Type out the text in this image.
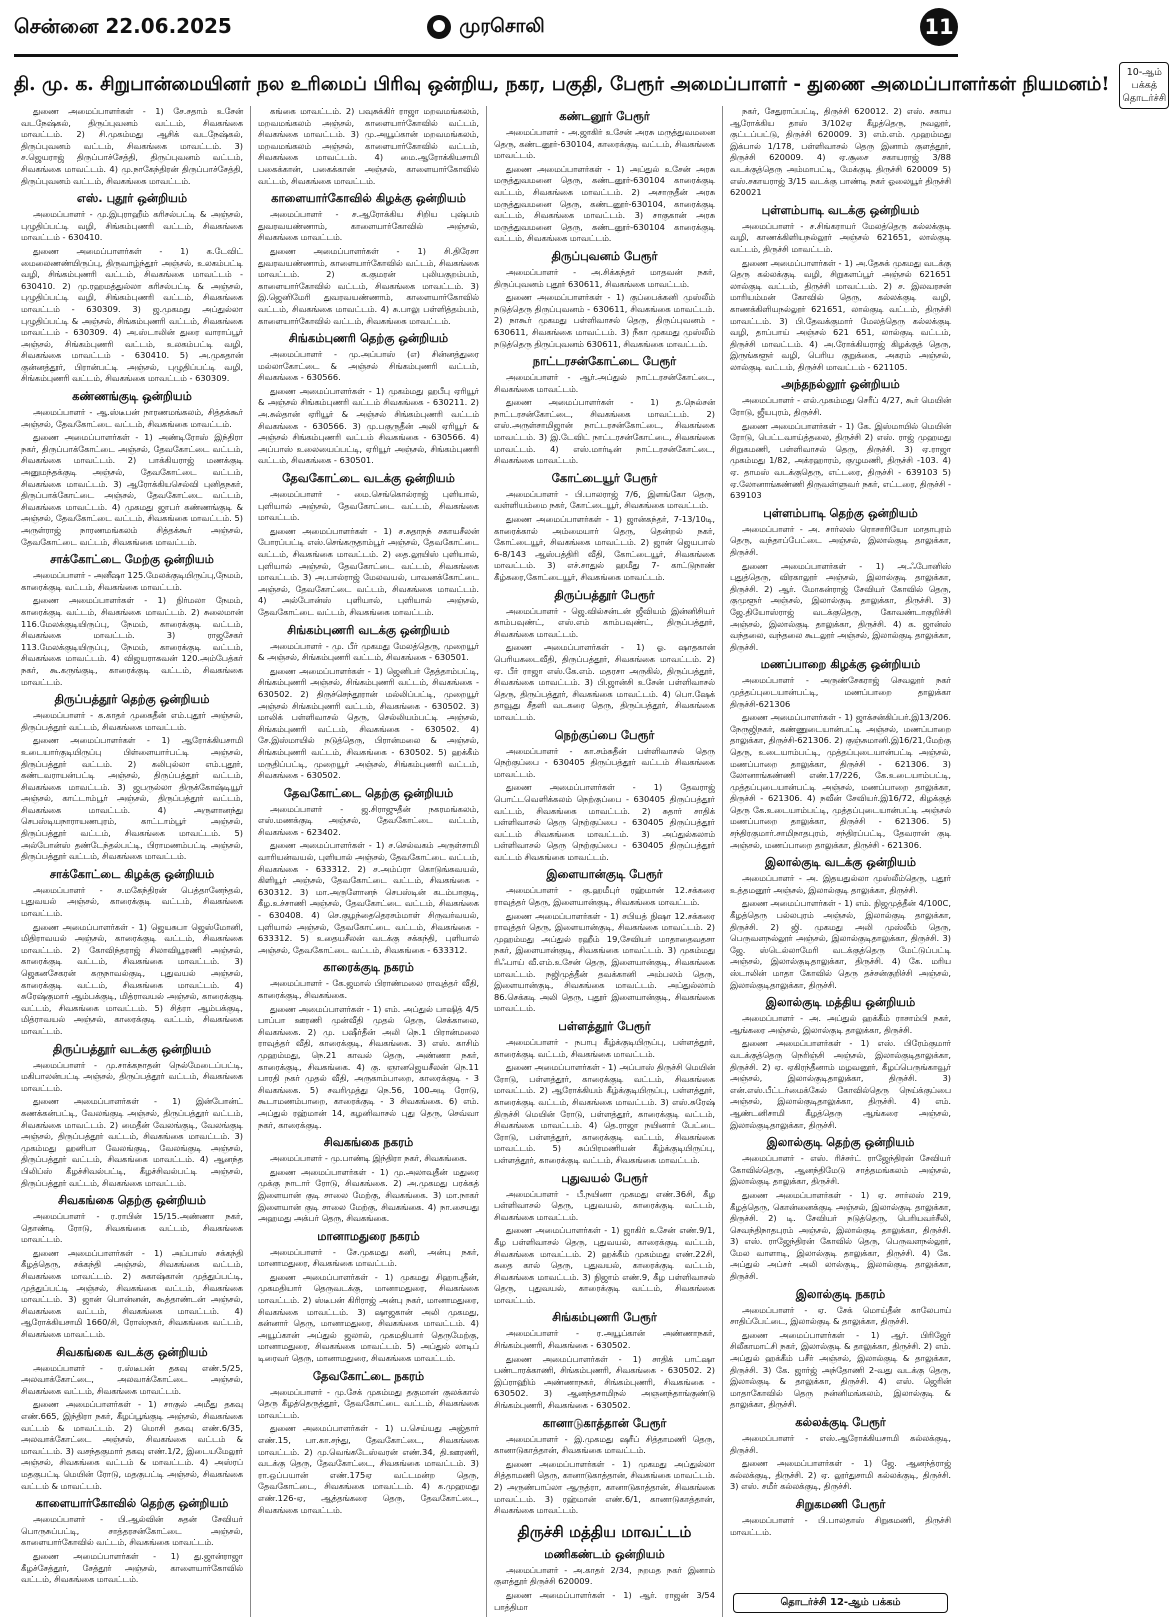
சென்னை 22.06.2025	முரசொலி	11
தி. மு. க. சிறுபான்மையினர் நல உரிமைப் பிரிவு ஒன்றிய, நகர, பகுதி, பேரூர் அமைப்பாளர் - துணை அமைப்பாளர்கள் நியமனம்!
10-ஆம் பக்கத் தொடர்ச்சி

துணை அமைப்பாளர்கள் - 1) சே.சதாம் உசேன் வடநேஷ்கல், திருப்புவனம் வட்டம், சிவகங்கை மாவட்டம். 2) சி.முகம்மது ஆசிக் வடநேஷ்கல், திருப்புவனம் வட்டம், சிவகங்கை மாவட்டம். 3) ச.ஜெயராஜ் திருப்பாச்சேத்தி, திருப்புவனம் வட்டம், சிவகங்கை மாவட்டம். 4) மு.நாகேந்திரன் திருப்பாச்சேத்தி, திருப்புவனம் வட்டம், சிவகங்கை மாவட்டம்.

எஸ். புதூர் ஒன்றியம்

அமைப்பாளர் - மு.இபுராஹீம் கரிசல்பட்டி & அஞ்சல், புழுதிப்பட்டி வழி, சிங்கம்புணரி வட்டம், சிவகங்கை மாவட்டம் - 630410.

துணை அமைப்பாளர்கள் - 1) க.டேவிட் மைலைணண்யிருப்பு, திருவாழ்ந்தூர் அஞ்சல், உலகம்பட்டி வழி, சிங்கம்புணரி வட்டம், சிவகங்கை மாவட்டம் - 630410. 2) மு.ரஹமத்துல்லா கரிசல்பட்டி & அஞ்சல், புழுதிப்பட்டி வழி, சிங்கம்புணரி வட்டம், சிவகங்கை மாவட்டம் - 630309. 3) ஜ.முகமது அப்துல்லா புழுதிப்பட்டி & அஞ்சல், சிங்கம்புணரி வட்டம், சிவகங்கை மாவட்டம் - 630309. 4) அ.ஸ்டாலின் துரை வாராப்பூர் அஞ்சல், சிங்கம்புணரி வட்டம், உலகம்பட்டி வழி, சிவகங்கை மாவட்டம் - 630410. 5) அ.முகதான் குன்னத்தூர், பிரான்பட்டி அஞ்சல், புழுதிப்பட்டி வழி, சிங்கம்புணரி வட்டம், சிவகங்கை மாவட்டம் - 630309.

கண்ணங்குடி ஒன்றியம்

அமைப்பாளர் - ஆ.ஸ்டீபன் நாரணமங்கலம், சித்தக்கூர் அஞ்சல், தேவகோட்டை வட்டம், சிவகங்கை மாவட்டம்.

துணை அமைப்பாளர்கள் - 1) அண்டிரோஸ் இந்திரா நகர், திருப்பாக்கோட்டை அஞ்சல், தேவகோட்டை வட்டம், சிவகங்கை மாவட்டம். 2) பாக்கியராஜ் மணக்குடி அனுமந்தக்குடி அஞ்சல், தேவகோட்டை வட்டம், சிவகங்கை மாவட்டம். 3) ஆரோக்கியசெல்வி புனிதநகர், திருப்பாக்கோட்டை அஞ்சல், தேவகோட்டை வட்டம், சிவகங்கை மாவட்டம். 4) முகமது ஜாபர் கண்ணங்குடி & அஞ்சல், தேவகோட்டை வட்டம், சிவகங்கை மாவட்டம். 5) அருள்ராஜ் நாரணமங்கலம் சித்தக்கூர் அஞ்சல், தேவகோட்டை வட்டம், சிவகங்கை மாவட்டம்.

சாக்கோட்டை மேற்கு ஒன்றியம்

அமைப்பாளர் - அனீஷா 125.மேலக்குடியிருப்பு,நேமம், காரைக்குடி வட்டம், சிவகங்கை மாவட்டம்.

துணை அமைப்பாளர்கள் - 1) நிர்மலா நேமம், காரைக்குடி வட்டம், சிவகங்கை மாவட்டம். 2) சுலைமான் 116.மேலக்குடியிருப்பு, நேமம், காரைக்குடி வட்டம், சிவகங்கை மாவட்டம். 3) ராஜசேகர் 113.மேலக்குடியிருப்பு, நேமம், காரைக்குடி வட்டம், சிவகங்கை மாவட்டம். 4) விஜயராகவன் 120.அம்பேத்கர் நகர், கூ.கருங்குடி, காரைக்குடி வட்டம், சிவகங்கை மாவட்டம்.

திருப்பத்தூர் தெற்கு ஒன்றியம்

அமைப்பாளர் - க.காதர் முகைதீன் எம்.புதூர் அஞ்சல், திருப்பத்தூர் வட்டம், சிவகங்கை மாவட்டம்.

துணை அமைப்பாளர்கள் - 1) ஆரோக்கியசாமி உடையார்குடியிருப்பு பிள்ளையார்பட்டி அஞ்சல், திருப்பத்தூர் வட்டம். 2) கலிபுல்லா எம்.புதூர், கண்டவராயன்பட்டி அஞ்சல், திருப்பத்தூர் வட்டம், சிவகங்கை மாவட்டம். 3) ஜபருல்லா திருக்கோஷ்டியூர் அஞ்சல், காட்டாம்பூர் அஞ்சல், திருப்பத்தூர் வட்டம், சிவகங்கை மாவட்டம். 4) அருளானந்து செபஸ்டியநாராயணபுரம், காட்டாம்பூர் அஞ்சல், திருப்பத்தூர் வட்டம், சிவகங்கை மாவட்டம். 5) அல்போன்ஸ் தண்டேந்தல்பட்டி, பிராமணம்பட்டி அஞ்சல், திருப்பத்தூர் வட்டம், சிவகங்கை மாவட்டம்.

சாக்கோட்டை கிழக்கு ஒன்றியம்

அமைப்பாளர் - ச.மகேந்திரன் பெத்தானேந்தல், புதுவயல் அஞ்சல், காரைக்குடி வட்டம், சிவகங்கை மாவட்டம்.

துணை அமைப்பாளர்கள் - 1) ஜெயசுபா ஜெஸ்மோனி, மிதிராவயல் அஞ்சல், காரைக்குடி வட்டம், சிவகங்கை மாவட்டம். 2) கோவிந்தராஜ் சிலாவியூரணி அஞ்சல், காரைக்குடி வட்டம், சிவகங்கை மாவட்டம். 3) ஜெகனசேகரன் கருநாவல்குடி, புதுவயல் அஞ்சல், காரைக்குடி வட்டம், சிவகங்கை மாவட்டம். 4) சுரேஷ்குமார் ஆம்பக்குடி, மித்ராவயல் அஞ்சல், காரைக்குடி வட்டம், சிவகங்கை மாவட்டம். 5) சித்ரா ஆம்பக்குடி, மித்ராவயல் அஞ்சல், காரைக்குடி வட்டம், சிவகங்கை மாவட்டம்.

திருப்பத்தூர் வடக்கு ஒன்றியம்

அமைப்பாளர் - மு.சாக்கநாதன் நெல்மேடைப்பட்டி, மகிபாலன்பட்டி அஞ்சல், திருப்பத்தூர் வட்டம், சிவகங்கை மாவட்டம்.

துணை அமைப்பாளர்கள் - 1) இன்போன்ட் கணக்கன்பட்டி, வேலங்குடி அஞ்சல், திருப்பத்தூர் வட்டம், சிவகங்கை மாவட்டம். 2) மைதீன் வேலங்குடி, வேலங்குடி அஞ்சல், திருப்பத்தூர் வட்டம், சிவகங்கை மாவட்டம். 3) முகம்மது ஹனிபா வேலங்குடி, வேலங்குடி அஞ்சல், திருப்பத்தூர் வட்டம், சிவகங்கை மாவட்டம். 4) ஆனந்த பிலிப்ஸ் கீழச்சிவல்பட்டி, கீழச்சிவல்பட்டி அஞ்சல், திருப்பத்தூர் வட்டம், சிவகங்கை மாவட்டம்.

சிவகங்கை தெற்கு ஒன்றியம்

அமைப்பாளர் - ர.ராபின் 15/15.அண்ணா நகர், தொண்டி ரோடு, சிவகங்கை வட்டம், சிவகங்கை மாவட்டம்.

துணை அமைப்பாளர்கள் - 1) அப்பாஸ் சக்கந்தி கீழத்தெரு, சக்கந்தி அஞ்சல், சிவகங்கை வட்டம், சிவகங்கை மாவட்டம். 2) சுகாஷ்கான் முத்துப்பட்டி, முத்துப்பட்டி அஞ்சல், சிவகங்கை வட்டம், சிவகங்கை மாவட்டம். 3) ஜான் பொன்னன், கூத்தாண்டன் அஞ்சல், சிவகங்கை வட்டம், சிவகங்கை மாவட்டம். 4) ஆரோக்கியசாமி 1660/சி, ரோஸ்நகர், சிவகங்கை வட்டம், சிவகங்கை மாவட்டம்.

சிவகங்கை வடக்கு ஒன்றியம்

அமைப்பாளர் - ர.ஸ்டீபன் தகவு எண்.5/25, அலவாக்கோட்டை, அலவாக்கோட்டை அஞ்சல், சிவகங்கை வட்டம், சிவகங்கை மாவட்டம்.

துணை அமைப்பாளர்கள் - 1) சாகுல் அமீது தகவு எண்.665, இந்திரா நகர், கீழப்பூங்குடி அஞ்சல், சிவகங்கை வட்டம் & மாவட்டம். 2) மொசி தகவு எண்.6/35, அலவாக்கோட்டை அஞ்சல், சிவகங்கை வட்டம் & மாவட்டம். 3) வசந்தகுமார் தகவு எண்.1/2, இடையமேலூர் அஞ்சல், சிவகங்கை வட்டம் & மாவட்டம். 4) அஸ்ரப் மதகுபட்டி மெயின் ரோடு, மதகுபட்டி அஞ்சல், சிவகங்கை வட்டம் & மாவட்டம்.

காளையார்கோவில் தெற்கு ஒன்றியம்

அமைப்பாளர் - பி.ஆல்வின் சுதன் சேவியர் பொருசுப்பட்டி, சாத்தரசன்கோட்டை அஞ்சல், காளையார்கோவில் வட்டம், சிவகங்கை மாவட்டம்.

துணை அமைப்பாளர்கள் - 1) து.ஜான்ராஜா கீழச்சேத்தூர், சேத்தூர் அஞ்சல், காளையார்கோவில் வட்டம், சிவகங்கை மாவட்டம்.

கங்கை மாவட்டம். 2) பவுசுக்கிர் ராஜா மறவமங்கலம், மறவமங்கலம் அஞ்சல், காளையார்கோவில் வட்டம், சிவகங்கை மாவட்டம். 3) மு.அயூப்கான் மறவமங்கலம், மறவமங்கலம் அஞ்சல், காளையார்கோவில் வட்டம், சிவகங்கை மாவட்டம். 4) மை.ஆரோக்கியசாமி பகைக்கான், பகைக்கான் அஞ்சல், காளையார்கோவில் வட்டம், சிவகங்கை மாவட்டம்.

காளையார்கோவில் கிழக்கு ஒன்றியம்

அமைப்பாளர் - ச.ஆரோக்கிய சிறிய புஷ்பம் துவரவயண்ணாம், காளையார்கோவில் அஞ்சல், சிவகங்கை மாவட்டம்.

துணை அமைப்பாளர்கள் - 1) சி.திரேசா துவரவயண்ணாம், காளையார்கோவில் வட்டம், சிவகங்கை மாவட்டம். 2) க.குமரன் புலியகுறம்பம், காளையார்கோவில் வட்டம், சிவகங்கை மாவட்டம். 3) இ.ஜெனிமேரி துவரவயண்ணாம், காளையார்கோவில் வட்டம், சிவகங்கை மாவட்டம். 4) சு.பாலு பள்ளித்தம்பம், காளையார்கோவில் வட்டம், சிவகங்கை மாவட்டம்.

சிங்கம்புணரி தெற்கு ஒன்றியம்

அமைப்பாளர் - மு.அப்பாஸ் (எ) சின்னத்துரை மல்லாகோட்டை & அஞ்சல் சிங்கம்புணரி வட்டம், சிவகங்கை - 630566.

துணை அமைப்பாளர்கள் - 1) முகம்மது ஹபீபு ஏரியூர் & அஞ்சல் சிங்கம்புணரி வட்டம் சிவகங்கை - 630211. 2) அ.சுல்தான் ஏரியூர் & அஞ்சல் சிங்கம்புணரி வட்டம் சிவகங்கை - 630566. 3) மு.பகுருதீன் அலி ஏரியூர் & அஞ்சல் சிங்கம்புணரி வட்டம் சிவகங்கை - 630566. 4) அப்பாஸ் உலையைப்பட்டி, ஏரியூர் அஞ்சல், சிங்கம்புணரி வட்டம், சிவகங்கை - 630501.

தேவகோட்டை வடக்கு ஒன்றியம்

அமைப்பாளர் - மை.செங்கொல்ராஜ் புளியால், புளியால் அஞ்சல், தேவகோட்டை வட்டம், சிவகங்கை மாவட்டம்.

துணை அமைப்பாளர்கள் - 1) ச.சுதாநந் சகாயசீலன் போரப்பட்டி எஸ்.செங்கருதாம்பூர் அஞ்சல், தேவகோட்டை வட்டம், சிவகங்கை மாவட்டம். 2) தை.லூயிஸ் புளியால், புளியால் அஞ்சல், தேவகோட்டை வட்டம், சிவகங்கை மாவட்டம். 3) அ.பால்ராஜ் மேலவயல், பாவனக்கோட்டை அஞ்சல், தேவகோட்டை வட்டம், சிவகங்கை மாவட்டம். 4) அல்போன்ஸ் புளியால், புளியால் அஞ்சல், தேவகோட்டை வட்டம், சிவகங்கை மாவட்டம்.

சிங்கம்புணரி வடக்கு ஒன்றியம்

அமைப்பாளர் - மு. பீர் முகமது மேலத்தெரு, முறையூர் & அஞ்சல், சிங்கம்புணரி வட்டம், சிவகங்கை - 630501.

துணை அமைப்பாளர்கள் - 1) ஜெனிபர் தேத்தாம்பட்டி, சிங்கம்புணரி அஞ்சல், சிங்கம்புணரி வட்டம், சிவகங்கை - 630502. 2) திருச்செந்தூரான் மல்லிப்பட்டி, முறையூர் அஞ்சல் சிங்கம்புணரி வட்டம், சிவகங்கை - 630502. 3) மாலிக் பள்ளிவாசல் தெரு, செல்லியம்பட்டி அஞ்சல், சிங்கம்புணரி வட்டம், சிவகங்கை - 630502. 4) சே.இஸ்மாயில் நடுத்தெரு, பிரான்மலை & அஞ்சல், சிங்கம்புணரி வட்டம், சிவகங்கை - 630502. 5) ஹக்கீம் மருதிப்பட்டி, முறையூர் அஞ்சல், சிங்கம்புணரி வட்டம், சிவகங்கை - 630502.

தேவகோட்டை தெற்கு ஒன்றியம்

அமைப்பாளர் - ஜ.சிராஜுதீன் நகரமங்கலம், எஸ்.மணக்குடி அஞ்சல், தேவகோட்டை வட்டம், சிவகங்கை - 623402.

துணை அமைப்பாளர்கள் - 1) ச.செல்வகம் அருள்சாமி வாரியன்வயல், புளியால் அஞ்சல், தேவகோட்டை வட்டம், சிவகங்கை - 633312. 2) ச.அம்ப்ரா கொடுங்கவயல், கிளியூர் அஞ்சல், தேவகோட்டை வட்டம், சிவகங்கை - 630312. 3) மா.அருளோனந் செபஸ்டின் கடம்பாகுடி, கீழ.உச்சாணி அஞ்சல், தேவகோட்டை வட்டம், சிவகங்கை - 630408. 4) செ.குழந்தைதெரசம்மாள் சிருவர்வயல், புளியால் அஞ்சல், தேவகோட்டை வட்டம், சிவகங்கை - 633312. 5) உதையசீலன் வடக்கு சக்கந்தி, புளியால் அஞ்சல், தேவகோட்டை வட்டம், சிவகங்கை - 633312.

காரைக்குடி நகரம்

அமைப்பாளர் - கே.ஜமால் பிராண்மலை ராவுத்தர் வீதி, காரைக்குடி, சிவகங்கை.

துணை அமைப்பாளர்கள் - 1) எம். அப்துல் பாஷித் 4/5 பாப்பா ஊரணி முன்வீதி முதல் தெரு, செக்காலை, சிவகங்கை. 2) மு. பஷீர்தீன் அலி நெ.1 பிரான்மலை ராவுத்தர் வீதி, காரைக்குடி, சிவகங்கை. 3) எஸ். காசிம் முஹம்மது, நெ.21 காவல் தெரு, அண்ணா நகர், காரைக்குடி, சிவகங்கை. 4) கு. ஞானஜெயசீலன் நெ.11 பாரதி நகர் முதல் வீதி, அருகாம்பாறை, காரைக்குடி - 3 சிவகங்கை. 5) சவரிமுத்து நெ.56, 100அடி ரோடு, கூடாமணம்பாறை, காரைக்குடி - 3 சிவகங்கை. 6) எம். அப்துல் ரஹ்மான் 14, கழனிவாசல் புது தெரு, செவ்வா நகர், காரைக்குடி.

சிவகங்கை நகரம்

அமைப்பாளர் - மு.பாண்டி இந்திரா நகர், சிவகங்கை.

துணை அமைப்பாளர்கள் - 1) மு.அலாவுதீன் மதுரை முக்கு நாடார் ரோடு, சிவகங்கை. 2) அ.முகமது பரக்கத் இளையான் குடி சாலை மேற்கு, சிவகங்கை. 3) மா.நாகர் இளையான் குடி சாலை மேற்கு, சிவகங்கை. 4) நா.சையது அஹமது அக்பர் தெரு, சிவகங்கை.

மானாமதுரை நகரம்

அமைப்பாளர் - சே.முகமது கனி, அன்பு நகர், மானாமதுரை, சிவகங்கை மாவட்டம்.

துணை அமைப்பாளர்கள் - 1) முகமது சிஹாபுதீன், முகமதியார் தெருவடக்கு, மானாமதுரை, சிவகங்கை மாவட்டம். 2) ஸ்டீபன் கிரிராஜ் அன்பு நகர், மானாமதுரை, சிவகங்கை மாவட்டம். 3) ஷாஜகான் அலி முகமது, கன்னார் தெரு, மானாமதுரை, சிவகங்கை மாவட்டம். 4) அயூப்கான் அப்துல் ஜலால், முகமதியார் தெருமேற்கு, மானாமதுரை, சிவகங்கை மாவட்டம். 5) அப்துல் லாடிப் டிரைவர் தெரு, மானாமதுரை, சிவகங்கை மாவட்டம்.

தேவகோட்டை நகரம்

அமைப்பாளர் - மு.சேக் முகம்மது தகுமான் குலக்கால் தெரு கீழத்தெருத்தூர், தேவகோட்டை வட்டம், சிவகங்கை மாவட்டம்.

துணை அமைப்பாளர்கள் - 1) ப.செய்யது அஜ்தார் எண்.15, பா.கா.சந்து, தேவகோட்டை, சிவகங்கை மாவட்டம். 2) மு.வெங்கடேஸ்வரன் எண்.34, தி.ஊரணி, வடக்கு தெரு, தேவகோட்டை, சிவகங்கை மாவட்டம். 3) ரா.ஒப்பயான் எண்.175ஏ வட்டமன்ற தெரு, தேவகோட்டை, சிவகங்கை மாவட்டம். 4) க.முஹமது எண்.126-ஏ, ஆத்தங்கரை தெரு, தேவகோட்டை, சிவகங்கை மாவட்டம்.

கண்டனூர் பேரூர்

அமைப்பாளர் - அ.ஜாகிர் உசேன் அரசு மருத்துவமனை தெரு, கண்டனூர்-630104, காரைக்குடி வட்டம், சிவகங்கை மாவட்டம்.

துணை அமைப்பாளர்கள் - 1) அப்துல் உசேன் அரசு மருத்துவமனை தெரு, கண்டனூர்-630104 காரைக்குடி வட்டம், சிவகங்கை மாவட்டம். 2) அசாருதீன் அரசு மருத்துவமனை தெரு, கண்டனூர்-630104, காரைக்குடி வட்டம், சிவகங்கை மாவட்டம். 3) சாகுகான் அரசு மருத்துவமனை தெரு, கண்டனூர்-630104 காரைக்குடி வட்டம், சிவகங்கை மாவட்டம்.

திருப்புவனம் பேரூர்

அமைப்பாளர் - அ.சிக்கந்தர் மாதவன் நகர், திருப்புவனம் புதூர் 630611, சிவகங்கை மாவட்டம்.

துணை அமைப்பாளர்கள் - 1) குப்பைக்கனி முஸ்லீம் நடுத்தெரு திருப்புவனம் - 630611, சிவகங்கை மாவட்டம். 2) நாகூர் முகமது பள்ளிவாசல் தெரு, திருப்புவனம் - 630611, சிவகங்கை மாவட்டம். 3) நீகா முகமது முஸ்லீம் நடுத்தெரு திருப்புவனம் 630611, சிவகங்கை மாவட்டம்.

நாட்டரசன்கோட்டை பேரூர்

அமைப்பாளர் - ஆர்.அப்துல் நாட்டரசன்கோட்டை, சிவகங்கை மாவட்டம்.

துணை அமைப்பாளர்கள் - 1) த.நெல்சன் நாட்டரசன்கோட்டை, சிவகங்கை மாவட்டம். 2) எஸ்.அருள்சாமிஜான் நாட்டரசன்கோட்டை, சிவகங்கை மாவட்டம். 3) இ.டேவிட் நாட்டரசன்கோட்டை, சிவகங்கை மாவட்டம். 4) எஸ்.மார்டின் நாட்டரசன்கோட்டை, சிவகங்கை மாவட்டம்.

கோட்டையூர் பேரூர்

அமைப்பாளர் - பி.பாலராஜ் 7/6, இளங்கோ தெரு, வள்ளியம்மை நகர், கோட்டையூர், சிவகங்கை மாவட்டம்.

துணை அமைப்பாளர்கள் - 1) ஜான்கந்தர், 7-13/10டி, காரைக்கால் அம்மையார் தெரு, தென்றல் நகர், கோட்டையூர், சிவகங்கை மாவட்டம். 2) ஜான் ஜெயபால் 6-8/143 ஆஸ்பத்திரி வீதி, கோட்டையூர், சிவகங்கை மாவட்டம். 3) எச்.சாதுல் ஹமீது 7- காட்டுநாண் கீழ்கரை,கோட்டையூர், சிவகங்கை மாவட்டம்.

திருப்பத்தூர் பேரூர்

அமைப்பாளர் - ஜெ.வில்சன்டன் ஜீவியம் இன்னிசியர் காம்பவுண்ட், எஸ்.எம் காம்பவுண்ட், திருப்பத்தூர், சிவகங்கை மாவட்டம்.

துணை அமைப்பாளர்கள் - 1) ஓ. ஷாதகான் பெரியகடைவீதி, திருப்பத்தூர், சிவகங்கை மாவட்டம். 2) ஏ. பீர் ராஜா எஸ்.கே.எம். மதரசா அருகில், திருப்பத்தூர், சிவகங்கை மாவட்டம். 3) பி.ஜான்சி உசேன் பள்ளிவாசல் தெரு, திருப்பத்தூர், சிவகங்கை மாவட்டம். 4) பொ.ஷேக் தாவூது சீதளி வடகரை தெரு, திருப்பத்தூர், சிவகங்கை மாவட்டம்.

நெற்குப்பை பேரூர்

அமைப்பாளர் - கா.சம்சுதீன் பள்ளிவாசல் தெரு நெற்குப்பை - 630405 திருப்பத்தூர் வட்டம் சிவகங்கை மாவட்டம்.

துணை அமைப்பாளர்கள் - 1) தேவராஜ் பொட்டவெளிக்கலம் நெற்குப்பை - 630405 திருப்பத்தூர் வட்டம், சிவகங்கை மாவட்டம். 2) சுதார் சாதிக் பள்ளிவாசல் தெரு நெற்குப்பை - 630405 திருப்பத்தூர் வட்டம் சிவகங்கை மாவட்டம். 3) அப்துல்கலாம் பள்ளிவாசல் தெரு நெற்குப்பை - 630405 திருப்பத்தூர் வட்டம் சிவகங்கை மாவட்டம்.

இளையான்குடி பேரூர்

அமைப்பாளர் - கு.ஹமீபுர் ரஹ்மான் 12.சக்கரை ராவுத்தர் தெரு, இளையான்குடி, சிவகங்கை மாவட்டம்.

துணை அமைப்பாளர்கள் - 1) சபியத் நிஷா 12.சக்கரை ராவுத்தர் தெரு, இளையான்குடி, சிவகங்கை மாவட்டம். 2) முஹம்மது அப்துல் ரஹீம் 19,சேவியர் மாதாதைவதசா நகர், இளையான்குடி, சிவகங்கை மாவட்டம். 3) முகம்மது ரிஃபாய் வீ.எம்.உசேன் தெரு, இளையான்குடி, சிவகங்கை மாவட்டம். நஜிமுத்தீன் தவக்கானி அம்பலம் தெரு, இளையான்குடி, சிவகங்கை மாவட்டம். அப்துல்லாம் 86.செக்கடி அலி தெரு, புதூர் இளையான்குடி, சிவகங்கை மாவட்டம்.

பள்ளத்தூர் பேரூர்

அமைப்பாளர் - நபாபு கீழ்க்குடியிருப்பு, பள்ளத்தூர், காரைக்குடி வட்டம், சிவகங்கை மாவட்டம்.

துணை அமைப்பாளர்கள் - 1) அப்பாஸ் திருச்சி மெயின் ரோடு, பள்ளத்தூர், காரைக்குடி வட்டம், சிவகங்கை மாவட்டம். 2) ஆரோக்கியம் கீழ்க்குடியிருப்பு, பள்ளத்தூர், காரைக்குடி வட்டம், சிவகங்கை மாவட்டம். 3) எஸ்.சுரேஷ் திருச்சி மெயின் ரோடு, பள்ளத்தூர், காரைக்குடி வட்டம், சிவகங்கை மாவட்டம். 4) தெ.ராஜா நயினார் பேட்டை ரோடு, பள்ளத்தூர், காரைக்குடி வட்டம், சிவகங்கை மாவட்டம். 5) சுப்பிரமணியன் கீழ்க்குடியிருப்பு, பள்ளத்தூர், காரைக்குடி வட்டம், சிவகங்கை மாவட்டம்.

புதுவயல் பேரூர்

அமைப்பாளர் - பீ.நயினா முகமது எண்.36சி, கீழ பள்ளிவாசல் தெரு, புதுவயல், காரைக்குடி வட்டம், சிவகங்கை மாவட்டம்.

துணை அமைப்பாளர்கள் - 1) ஜாகிர் உசேன் எண்.9/1, கீழ பள்ளிவாசல் தெரு, புதுவயல், காரைக்குடி வட்டம், சிவகங்கை மாவட்டம். 2) ஹக்கீம் முகம்மது எண்.22சி, கதை கால் தெரு, புதுவயல், காரைக்குடி வட்டம், சிவகங்கை மாவட்டம். 3) நிஜாம் எண்.9, கீழ பள்ளிவாசல் தெரு, புதுவயல், காரைக்குடி வட்டம், சிவகங்கை மாவட்டம்.

சிங்கம்புணரி பேரூர்

அமைப்பாளர் - ர.அயூப்கான் அண்ணாநகர், சிங்கம்புணரி, சிவகங்கை - 630502.

துணை அமைப்பாளர்கள் - 1) சாதிக் பாட்ஷா பண்டாரக்காணி, சிங்கம்புணரி, சிவகங்கை - 630502. 2) இப்ராஹிம் அண்ணாநகர், சிங்கம்புணரி, சிவகங்கை - 630502. 3) ஆனந்தசாமிநல் அஞனந்தாங்குண்டு சிங்கம்புணரி, சிவகங்கை - 630502.

கானாடுகாத்தான் பேரூர்

அமைப்பாளர் - இ.முகமது ஷரீப் சித்தாமணி தெரு, கானாடுகாத்தான், சிவகங்கை மாவட்டம்.

துணை அமைப்பாளர்கள் - 1) முகமது அப்துல்லா சித்தாமணி தெரு, கானாடுகாத்தான், சிவகங்கை மாவட்டம். 2) அருண்பாப்லா ஆருத்ரா, கானாடுகாத்தான், சிவகங்கை மாவட்டம். 3) ரஹ்மான் எண்.6/1, கானாடுகாத்தான், சிவகங்கை மாவட்டம்.

திருச்சி மத்திய மாவட்டம்
மணிகண்டம் ஒன்றியம்

அமைப்பாளர் - அ.காதர் 2/34, நறமத நகர் இனாம் குளத்தூர் திருச்சி 620009.

துணை அமைப்பாளர்கள் - 1) ஆர். ராஜன் 3/54 பாத்திமா

நகர், சேதுராப்பட்டி, திருச்சி 620012. 2) எஸ். சகாய ஆரோக்கிய தாஸ் 3/102ஏ கீழத்தெரு, நவலூர், குட்டப்பட்டு, திருச்சி 620009. 3) எம்.எம். முஹம்மது இக்பால் 1/178, பள்ளிவாசல் தெரு இனாம் குளத்தூர், திருச்சி 620009. 4) ஏ.சூசை சகாயராஜ் 3/88 வடக்குத்தெரு அம்மாபட்டி, மேக்குடி திருச்சி 620009 5) எஸ்.சகாயராஜ் 3/15 வடக்கு பாண்டி நகர் ஓலையூர் திருச்சி 620021

புள்ளம்பாடி வடக்கு ஒன்றியம்

அமைப்பாளர் - ச.சிங்கராயர் மேலத்தெரு கல்லக்குடி வழி, காணக்கிளியநல்லூர் அஞ்சல் 621651, லால்குடி வட்டம், திருச்சி மாவட்டம்.

துணை அமைப்பாளர்கள் - 1) அ.தேசுக் முகமது வடக்கு தெரு கல்லக்குடி வழி, சிறுகளப்பூர் அஞ்சல் 621651 லால்குடி வட்டம், திருச்சி மாவட்டம். 2) ச. இலவரசன் மாரியம்மன் கோவில் தெரு, கல்லக்குடி வழி, காணக்கிளியநல்லூர் 621651, லால்குடி வட்டம், திருச்சி மாவட்டம். 3) பி.தேவக்குமார் மேலத்தெரு கல்லக்குடி வழி, தாப்பாய் அஞ்சல் 621 651, லால்குடி வட்டம், திருச்சி மாவட்டம். 4) அ.ரோக்கியராஜ் கிழக்குத் தெரு, இருங்களூர் வழி, பெரிய குறுக்கை, அகரம் அஞ்சல், லால்குடி வட்டம், திருச்சி மாவட்டம் - 621105.

அந்தநல்லூர் ஒன்றியம்

அமைப்பாளர் - எல்.முகம்மது செரீப் 4/27, கூர் மெயின் ரோடு, ஜீயபுரம், திருச்சி.

துணை அமைப்பாளர்கள் - 1) கே. இஸ்மாயில் மெயின் ரோடு, பெட்டவாய்த்தலை, திருச்சி 2) எஸ். ராஜ் முஹமது சிறுகமணி, பள்ளிவாசல் தெரு, திருச்சி. 3) ஏ.ராஜா முகம்மது 1/82, அக்ரஹாரம், குழுமணி, திருச்சி -103. 4) ஏ. தாமஸ் வடக்குதெரு, எட்டரை, திருச்சி - 639103 5) ஏ.லோனாங்கண்ணி திருவள்ளுவர் நகர், எட்டரை, திருச்சி - 639103

புள்ளம்பாடி தெற்கு ஒன்றியம்

அமைப்பாளர் - அ. சார்லஸ் ரொசாரியோ மாதாபுரம் தெரு, வந்தாப்பேட்டை அஞ்சல், இலால்குடி தாலுக்கா, திருச்சி.

துணை அமைப்பாளர்கள் - 1) அ.ஃபோனிஸ் புதுத்தெரு, விரகாலூர் அஞ்சல், இலால்குடி தாலுக்கா, திருச்சி. 2) ஆர். மோகன்ராஜ் சேவியர் கோவில் தெரு, குமுளூர் அஞ்சல், இலால்குடி தாலுக்கா, திருச்சி. 3) ஜே.தியோஸ்ராஜ் வடக்குதெரு, கோவண்டாகுறிச்சி அஞ்சல், இலால்குடி தாலுக்கா, திருச்சி. 4) க. ஜான்ஸ் வந்தலை, வந்தலை கூடலூர் அஞ்சல், இலால்குடி தாலுக்கா, திருச்சி.

மணப்பாறை கிழக்கு ஒன்றியம்

அமைப்பாளர் - அருண்சேகராஜ் செவலூர் நகர் முத்தப்புடையான்பட்டி, மணப்பாறை தாலுக்கா திருச்சி-621306

துணை அமைப்பாளர்கள் - 1) ஜாக்சன்கிப்பர்.இ13/206. நேருஜிநகர், கண்ணுடையான்பட்டி அஞ்சல், மணப்பாறை தாலுக்கா, திருச்சி-621306. 2) குஞ்சுமானி.இ16/21,மேற்கு தெரு, உடையாம்பட்டி, முத்தப்புடையான்பட்டி அஞ்சல், மணப்பாறை தாலுக்கா, திருச்சி - 621306. 3) லோனாங்கண்ணி எண்.17/226, கே.உடையாம்பட்டி, முத்தப்புடையான்பட்டி அஞ்சல், மணப்பாறை தாலுக்கா, திருச்சி - 621306. 4) நவீன் சேவியர்.இ16/72, கிழக்குத் தெரு கே.உடையாம்பட்டி, முத்தப்புடையான்பட்டி அஞ்சல் மணப்பாறை தாலுக்கா, திருச்சி - 621306. 5) சந்திரகுமார்.சாமிநாதபுரம், சந்திரப்பட்டி, தேவரான் குடி அஞ்சல், மணப்பாறை தாலுக்கா, திருச்சி - 621306.

இலால்குடி வடக்கு ஒன்றியம்

அமைப்பாளர் - அ. இதயதுல்லா முஸ்லீம்தெரு, புதூர் உத்தமனூர் அஞ்சல், இலால்குடி தாலுக்கா, திருச்சி.

துணை அமைப்பாளர்கள் - 1) எம். நிஜமுத்தீன் 4/100C, கீழத்தெரு பல்லபுரம் அஞ்சல், இலால்குடி தாலுக்கா, திருச்சி. 2) ஜி. முகமது அலி முஸ்லீம் தெரு, பெருவளநல்லூர் அஞ்சல், இலால்குடிதாலுக்கா, திருச்சி. 3) ஜே. ஸ்டெல்லாமேரி வடக்குத்தெரு மேட்டுப்பட்டி அஞ்சல், இலால்குடிதாலுக்கா, திருச்சி. 4) கே. மரிய ஸ்டாலின் மாதா கோவில் தெரு தச்சன்குறிச்சி அஞ்சல், இலால்குடிதாலுக்கா, திருச்சி.

இலால்குடி மத்திய ஒன்றியம்

அமைப்பாளர் - அ. அப்துல் ஹக்கீம் ராசாம்பி நகர், ஆங்கரை அஞ்சல், இலால்குடி தாலுக்கா, திருச்சி.

துணை அமைப்பாளர்கள் - 1) எஸ். பிரேம்குமார் வடக்குத்தெரு நெரிஞ்சி அஞ்சல், இலால்குடிதாலுக்கா, திருச்சி. 2) ஏ. ஏகிரந்தீனாம் மழவனூர், கீழப்பெருங்காவூர் அஞ்சல், இலால்குடிதாலுக்கா, திருச்சி. 3) என்.எஸ்.பீட்டர்மைக்கேல் கோவில்தெரு நெய்க்குப்பை அஞ்சல், இலால்குடிதாலுக்கா, திருச்சி. 4) எம். ஆண்டனிசாமி கீழத்தெரு ஆங்கரை அஞ்சல், இலால்குடிதாலுக்கா, திருச்சி.

இலால்குடி தெற்கு ஒன்றியம்

அமைப்பாளர் - எஸ். ரிச்சர்ட் ராஜேந்திரன் சேவியர் கோவில்தெரு, ஆனந்திமேடு சாத்தமங்கலம் அஞ்சல், இலால்குடி தாலுக்கா, திருச்சி.

துணை அமைப்பாளர்கள் - 1) ஏ. சார்லஸ் 219, கீழத்தெரு, கொன்னைக்குடி அஞ்சல், இலால்குடி தாலுக்கா, திருச்சி. 2) டி. சேவியர் நடுத்தெரு, பெரியவர்சீலி, செவந்திநாதபுரம் அஞ்சல், இலால்குடி தாலுக்கா, திருச்சி. 3) எஸ். ராஜேந்திரன் கோவில் தெரு, பெருவளநல்லூர், மேல வாளாடி, இலால்குடி தாலுக்கா, திருச்சி. 4) கே. அப்துல் அப்சர் அலி லால்குடி, இலால்குடி தாலுக்கா, திருச்சி.

இலால்குடி நகரம்

அமைப்பாளர் - ஏ. சேக் மொய்தீன் காலேபாய் சாதிப்பேட்டை, இலால்குடி & தாலுக்கா, திருச்சி.

துணை அமைப்பாளர்கள் - 1) ஆர். பிரிஜேர் சிலீகாமாட்சி நகர், இலால்குடி & தாலுக்கா, திருச்சி. 2) எம். அப்துல் ஹக்கீம் பசீர் அஞ்சல், இலால்குடி & தாலுக்கா, திருச்சி. 3) கே. ஜார்ஜ் அந்தோணி 2-வது வடக்கு தெரு, இலால்குடி & தாலுக்கா, திருச்சி. 4) எஸ். ஜெரின் மாதாகோவில் தெரு நன்னிமங்கலம், இலால்குடி & தாலுக்கா, திருச்சி.

கல்லக்குடி பேரூர்

அமைப்பாளர் - எஸ்.ஆரோக்கியசாமி கல்லக்குடி, திருச்சி.

துணை அமைப்பாளர்கள் - 1) ஜே. ஆனந்த்ராஜ் கல்லக்குடி, திருச்சி. 2) ஏ. லூர்துசாமி கல்லக்குடி, திருச்சி. 3) எஸ். சமீர் கல்லக்குடி, திருச்சி.

சிறுகமணி பேரூர்

அமைப்பாளர் - பி.பாலதாஸ் சிறுகமணி, திருச்சி மாவட்டம்.

தொடர்ச்சி 12-ஆம் பக்கம்
